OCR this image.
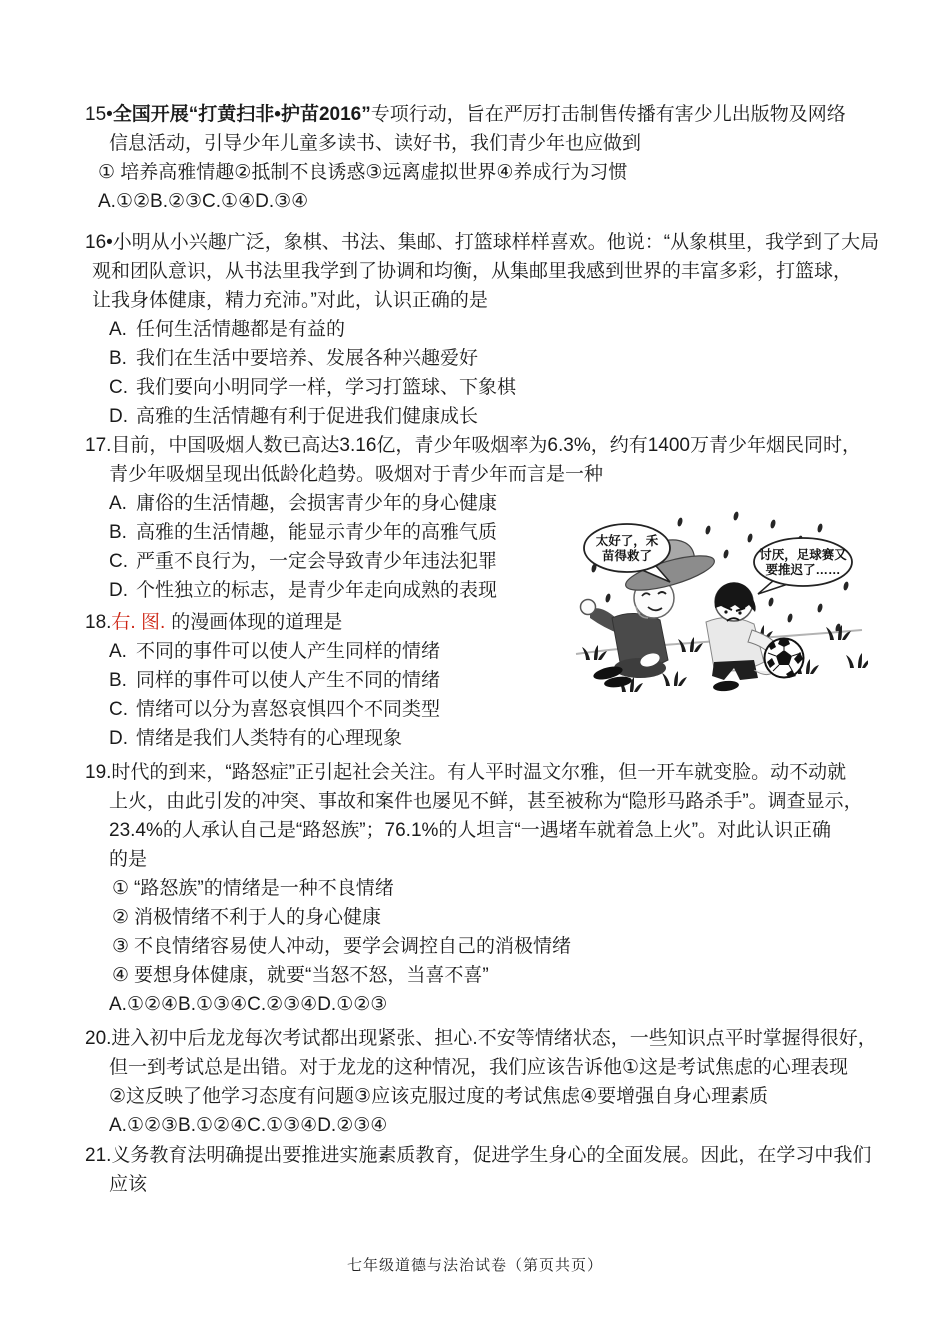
15•全国开展“打黄扫非•护苗2016”专项行动，旨在严厉打击制售传播有害少儿出版物及网络
信息活动，引导少年儿童多读书、读好书，我们青少年也应做到
① 培养高雅情趣②抵制不良诱惑③远离虚拟世界④养成行为习惯
A.①②B.②③C.①④D.③④
16•小明从小兴趣广泛，象棋、书法、集邮、打篮球样样喜欢。他说：“从象棋里，我学到了大局
观和团队意识，从书法里我学到了协调和均衡，从集邮里我感到世界的丰富多彩，打篮球，
让我身体健康，精力充沛。”对此，认识正确的是
A. 任何生活情趣都是有益的
B. 我们在生活中要培养、发展各种兴趣爱好
C. 我们要向小明同学一样，学习打篮球、下象棋
D. 高雅的生活情趣有利于促进我们健康成长
17.目前，中国吸烟人数已高达3.16亿，青少年吸烟率为6.3%，约有1400万青少年烟民同时，
青少年吸烟呈现出低龄化趋势。吸烟对于青少年而言是一种
A. 庸俗的生活情趣，会损害青少年的身心健康
B. 高雅的生活情趣，能显示青少年的高雅气质
C. 严重不良行为，一定会导致青少年违法犯罪
D. 个性独立的标志，是青少年走向成熟的表现
18.右. 图. 的漫画体现的道理是
A. 不同的事件可以使人产生同样的情绪
B. 同样的事件可以使人产生不同的情绪
C. 情绪可以分为喜怒哀惧四个不同类型
D. 情绪是我们人类特有的心理现象
19.时代的到来，“路怒症”正引起社会关注。有人平时温文尔雅，但一开车就变脸。动不动就
上火，由此引发的冲突、事故和案件也屡见不鲜，甚至被称为“隐形马路杀手”。调查显示，
23.4%的人承认自己是“路怒族”；76.1%的人坦言“一遇堵车就着急上火”。对此认识正确
的是
① “路怒族”的情绪是一种不良情绪
② 消极情绪不利于人的身心健康
③ 不良情绪容易使人冲动，要学会调控自己的消极情绪
④ 要想身体健康，就要“当怒不怒，当喜不喜”
A.①②④B.①③④C.②③④D.①②③
20.进入初中后龙龙每次考试都出现紧张、担心.不安等情绪状态，一些知识点平时掌握得很好，
但一到考试总是出错。对于龙龙的这种情况，我们应该告诉他①这是考试焦虑的心理表现
②这反映了他学习态度有问题③应该克服过度的考试焦虑④要增强自身心理素质
A.①②③B.①②④C.①③④D.②③④
21.义务教育法明确提出要推进实施素质教育，促进学生身心的全面发展。因此，在学习中我们
应该
太好了，禾
苗得救了	讨厌，足球赛又
要推迟了……
七年级道德与法治试卷（第页共页）
